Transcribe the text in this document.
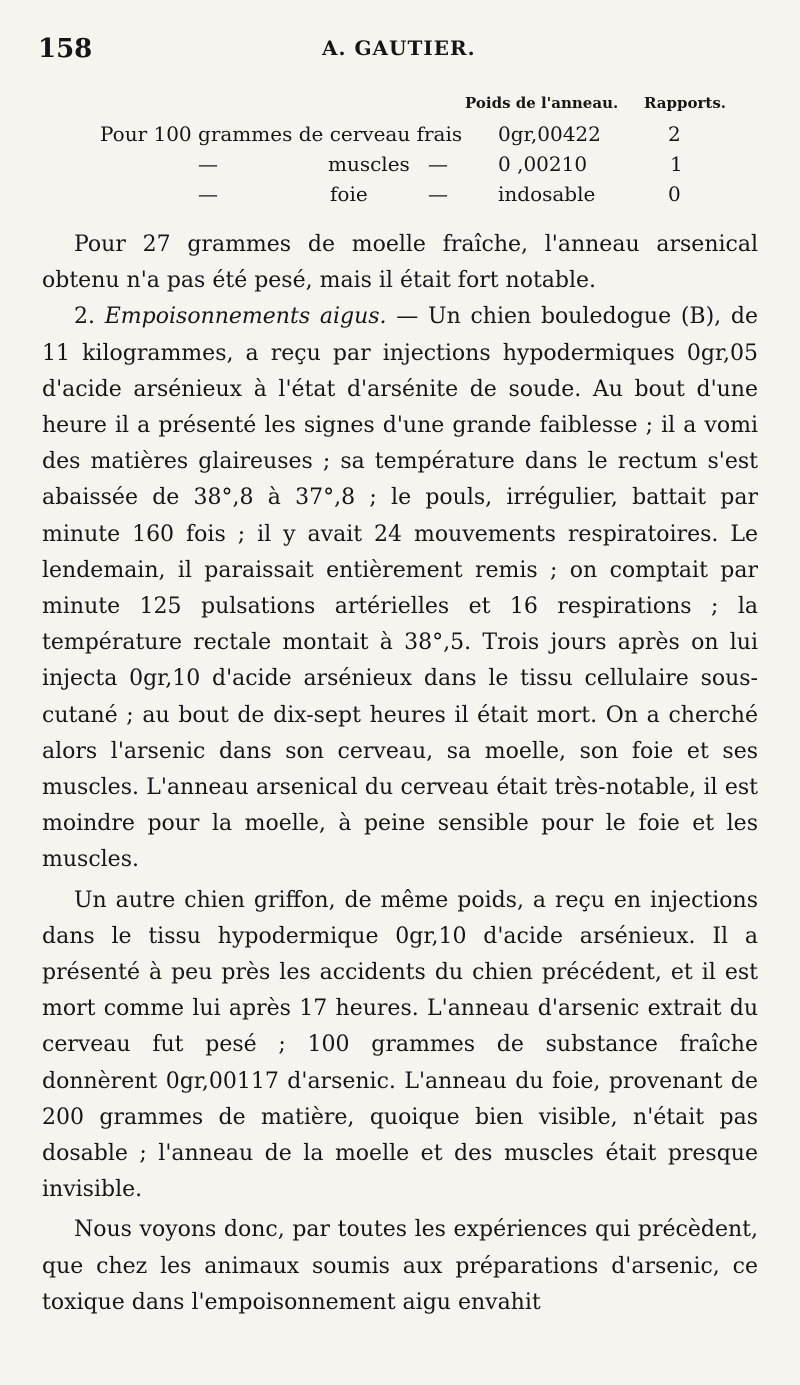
158	A. GAUTIER.
Poids de l'anneau. Rapports.
Pour 100 grammes de cerveau frais 0gr,00422	2
—	muscles —	0 ,00210	1
—	foie	—	indosable	0

Pour 27 grammes de moelle fraîche, l'anneau arsenical obtenu n'a pas été pesé, mais il était fort notable.

2. Empoisonnements aigus. — Un chien bouledogue (B), de 11 kilogrammes, a reçu par injections hypodermiques 0gr,05 d'acide arsénieux à l'état d'arsénite de soude. Au bout d'une heure il a présenté les signes d'une grande faiblesse ; il a vomi des matières glaireuses ; sa température dans le rectum s'est abaissée de 38°,8 à 37°,8 ; le pouls, irrégulier, battait par minute 160 fois ; il y avait 24 mouvements respiratoires. Le lendemain, il paraissait entièrement remis ; on comptait par minute 125 pulsations artérielles et 16 respirations ; la température rectale montait à 38°,5. Trois jours après on lui injecta 0gr,10 d'acide arsénieux dans le tissu cellulaire sous-cutané ; au bout de dix-sept heures il était mort. On a cherché alors l'arsenic dans son cerveau, sa moelle, son foie et ses muscles. L'anneau arsenical du cerveau était très-notable, il est moindre pour la moelle, à peine sensible pour le foie et les muscles.

Un autre chien griffon, de même poids, a reçu en injections dans le tissu hypodermique 0gr,10 d'acide arsénieux. Il a présenté à peu près les accidents du chien précédent, et il est mort comme lui après 17 heures. L'anneau d'arsenic extrait du cerveau fut pesé ; 100 grammes de substance fraîche donnèrent 0gr,00117 d'arsenic. L'anneau du foie, provenant de 200 grammes de matière, quoique bien visible, n'était pas dosable ; l'anneau de la moelle et des muscles était presque invisible.

Nous voyons donc, par toutes les expériences qui précèdent, que chez les animaux soumis aux préparations d'arsenic, ce toxique dans l'empoisonnement aigu envahit
